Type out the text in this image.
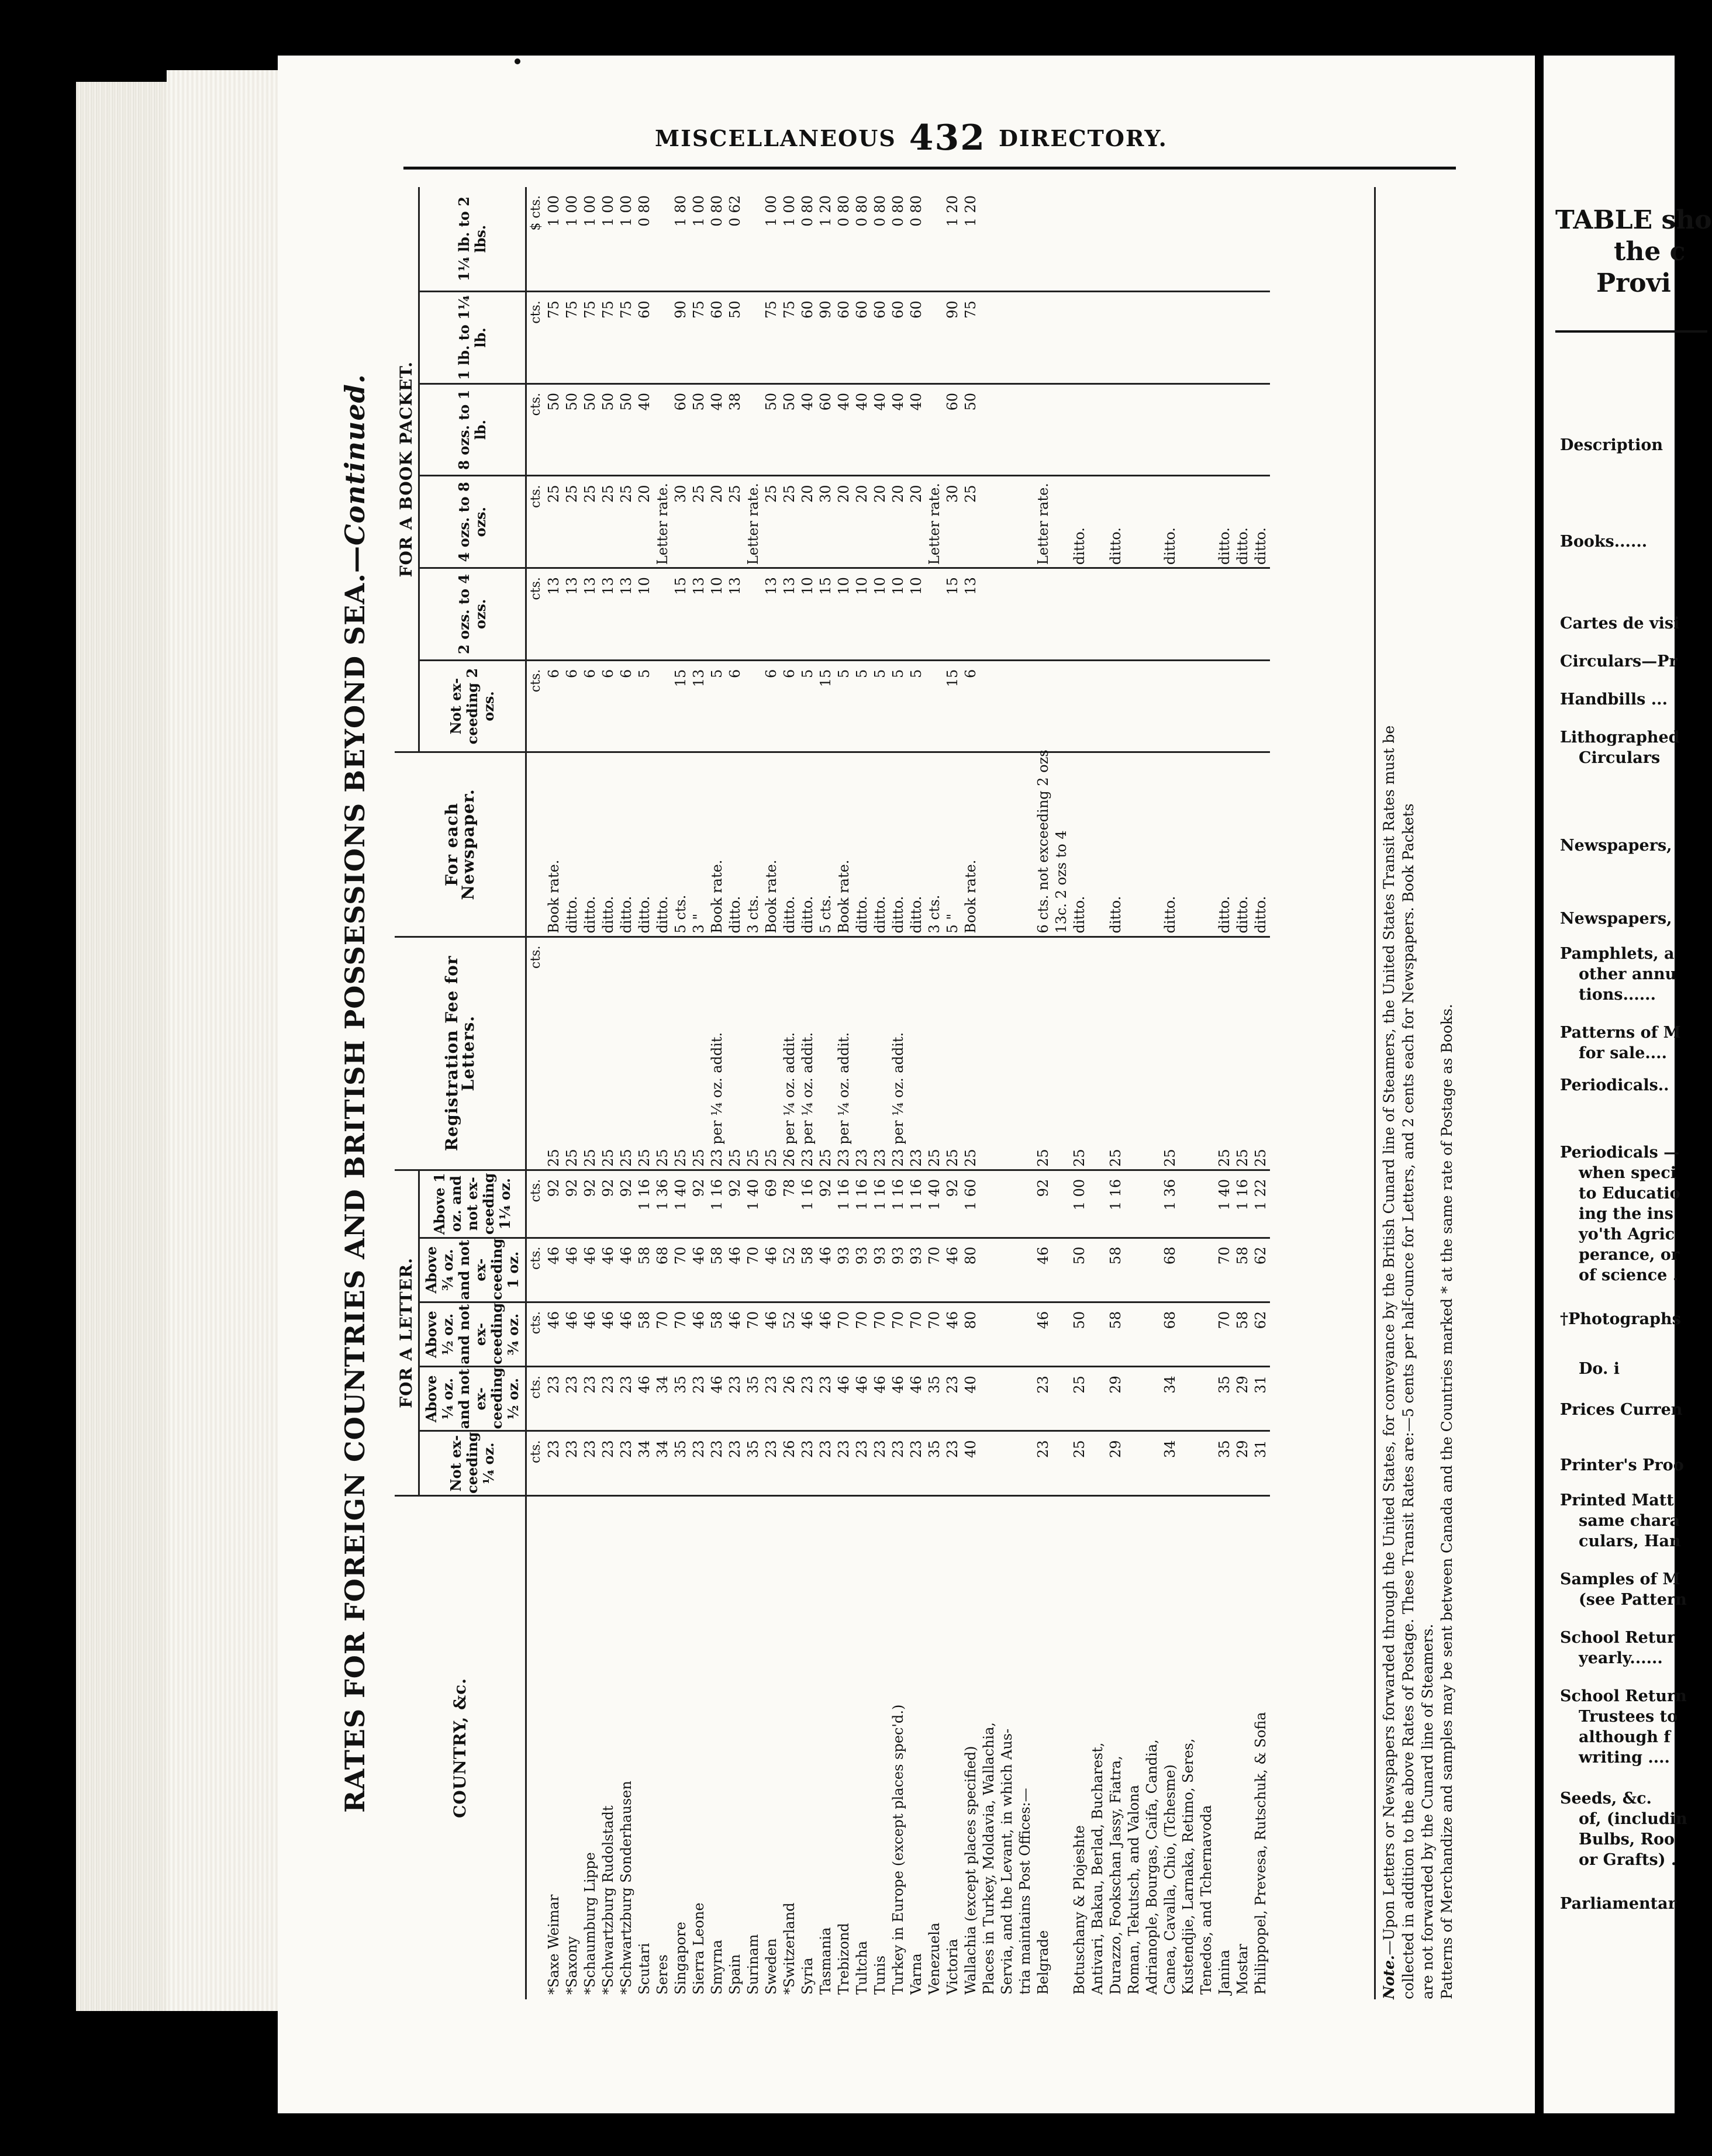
MISCELLANEOUS 432 DIRECTORY.
RATES FOR FOREIGN COUNTRIES AND BRITISH POSSESSIONS BEYOND SEA.—Continued.
COUNTRY, &c.	FOR A LETTER.					Registration Fee for Letters.	For each Newspaper.	FOR A BOOK PACKET.					
	Not ex-ceeding ¼ oz.	Above ¼ oz. and not ex-ceeding ½ oz.	Above ½ oz. and not ex-ceeding ¾ oz.	Above ¾ oz. and not ex-ceeding 1 oz.	Above 1 oz. and not ex-ceeding 1¼ oz.			Not ex-ceeding 2 ozs.	2 ozs. to 4 ozs.	4 ozs. to 8 ozs.	8 ozs. to 1 lb.	1 lb. to 1¼ lb.	1¼ lb. to 2 lbs.
	cts.	cts.	cts.	cts.	cts.	cts.		cts.	cts.	cts.	cts.	cts.	$ cts.
*Saxe Weimar	23	23	46	46	92	25	Book rate.	6	13	25	50	75	1 00
*Saxony	23	23	46	46	92	25	ditto.	6	13	25	50	75	1 00
*Schaumburg Lippe	23	23	46	46	92	25	ditto.	6	13	25	50	75	1 00
*Schwartzburg Rudolstadt	23	23	46	46	92	25	ditto.	6	13	25	50	75	1 00
*Schwartzburg Sonderhausen	23	23	46	46	92	25	ditto.	6	13	25	50	75	1 00
Scutari	34	46	58	58	1 16	25	ditto.	5	10	20	40	60	0 80
Seres	34	34	70	68	1 36	25	ditto.			Letter rate.			
Singapore	35	35	70	70	1 40	25	5 cts.	15	15	30	60	90	1 80
Sierra Leone	23	23	46	46	92	25	3 "	13	13	25	50	75	1 00
Smyrna	23	46	58	58	1 16	23 per ¼ oz. addit.	Book rate.	5	10	20	40	60	0 80
Spain	23	23	46	46	92	25	ditto.	6	13	25	38	50	0 62
Surinam	35	35	70	70	1 40	25	3 cts.			Letter rate.			
Sweden	23	23	46	46	69	25	Book rate.	6	13	25	50	75	1 00
*Switzerland	26	26	52	52	78	26 per ¼ oz. addit.	ditto.	6	13	25	50	75	1 00
Syria	23	23	46	58	1 16	23 per ¼ oz. addit.	ditto.	5	10	20	40	60	0 80
Tasmania	23	23	46	46	92	25	5 cts.	15	15	30	60	90	1 20
Trebizond	23	46	70	93	1 16	23 per ¼ oz. addit.	Book rate.	5	10	20	40	60	0 80
Tultcha	23	46	70	93	1 16	23	ditto.	5	10	20	40	60	0 80
Tunis	23	46	70	93	1 16	23	ditto.	5	10	20	40	60	0 80
Turkey in Europe (except places spec'd.)	23	46	70	93	1 16	23 per ¼ oz. addit.	ditto.	5	10	20	40	60	0 80
Varna	23	46	70	93	1 16	23	ditto.	5	10	20	40	60	0 80
Venezuela	35	35	70	70	1 40	25	3 cts.			Letter rate.			
Victoria	23	23	46	46	92	25	5 "	15	15	30	60	90	1 20
Wallachia (except places specified)	40	40	80	80	1 60	25	Book rate.	6	13	25	50	75	1 20
Places in Turkey, Moldavia, Wallachia,													
Servia, and the Levant, in which Aus-													
tria maintains Post Offices:—													
Belgrade	23	23	46	46	92	25	6 cts. not exceeding 2 ozs			Letter rate.			
							13c. 2 ozs to 4						
Botuschany & Plojeshte	25	25	50	50	1 00	25	ditto.			ditto.			
Antivari, Bakau, Berlad, Bucharest,													
Durazzo, Fookschan Jassy, Fiatra,	29	29	58	58	1 16	25	ditto.			ditto.			
Roman, Tekutsch, and Valona													
Adrianople, Bourgas, Caifa, Candia,													
Canea, Cavalla, Chio, (Tchesme)	34	34	68	68	1 36	25	ditto.			ditto.			
Kustendjie, Larnaka, Retimo, Seres,													
Tenedos, and Tchernavoda													
Janina	35	35	70	70	1 40	25	ditto.			ditto.			
Mostar	29	29	58	58	1 16	25	ditto.			ditto.			
Philippopel, Prevesa, Rutschuk, & Sofia	31	31	62	62	1 22	25	ditto.			ditto.			
Note.—Upon Letters or Newspapers forwarded through the United States, for conveyance by the British Cunard line of Steamers, the United States Transit Rates must be collected in addition to the above Rates of Postage. These Transit Rates are:—5 cents per half-ounce for Letters, and 2 cents each for Newspapers. Book Packets are not forwarded by the Cunard line of Steamers. Patterns of Merchandize and samples may be sent between Canada and the Countries marked * at the same rate of Postage as Books.
TABLE sho
the c
Provi
Description
Books......
Cartes de visi
Circulars—Pr
Handbills ...
Lithographed
Circulars
Newspapers,
Newspapers,
Pamphlets, a
other annu
tions......
Patterns of M
for sale....
Periodicals..
Periodicals —
when speci
to Educatio
ing the ins
yo'th Agric
perance, or
of science .
†Photographs
Do. i
Prices Curren
Printer's Proo
Printed Matt
same chara
culars, Han
Samples of M
(see Pattern
School Retur
yearly......
School Return
Trustees to
although f
writing ....
Seeds, &c.
of, (includin
Bulbs, Roo
or Grafts) .
Parliamentar
